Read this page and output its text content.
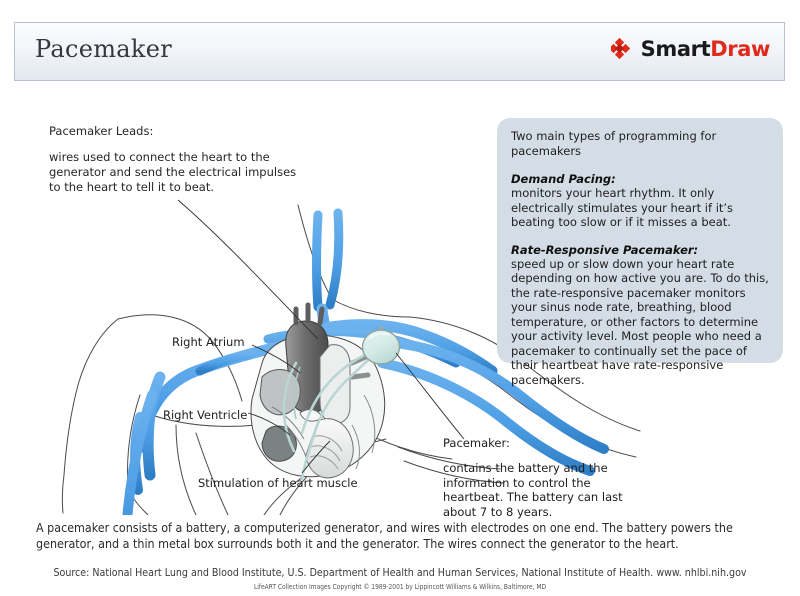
Pacemaker	SmartDraw
Pacemaker Leads:
wires used to connect the heart to the generator and send the electrical impulses to the heart to tell it to beat.
Two main types of programming for pacemakers
Demand Pacing:
monitors your heart rhythm. It only electrically stimulates your heart if it’s beating too slow or if it misses a beat.
Rate-Responsive Pacemaker:
speed up or slow down your heart rate depending on how active you are. To do this, the rate-responsive pacemaker monitors your sinus node rate, breathing, blood temperature, or other factors to determine your activity level. Most people who need a pacemaker to continually set the pace of their heartbeat have rate-responsive pacemakers.
Right Atrium
Right Ventricle
Stimulation of heart muscle
Pacemaker:
contains the battery and the information to control the heartbeat. The battery can last about 7 to 8 years.
A pacemaker consists of a battery, a computerized generator, and wires with electrodes on one end. The battery powers the generator, and a thin metal box surrounds both it and the generator. The wires connect the generator to the heart.
Source: National Heart Lung and Blood Institute, U.S. Department of Health and Human Services, National Institute of Health. www. nhlbi.nih.gov
LifeART Collection Images Copyright © 1989-2001 by Lippincott Williams & Wilkins, Baltimore, MD
